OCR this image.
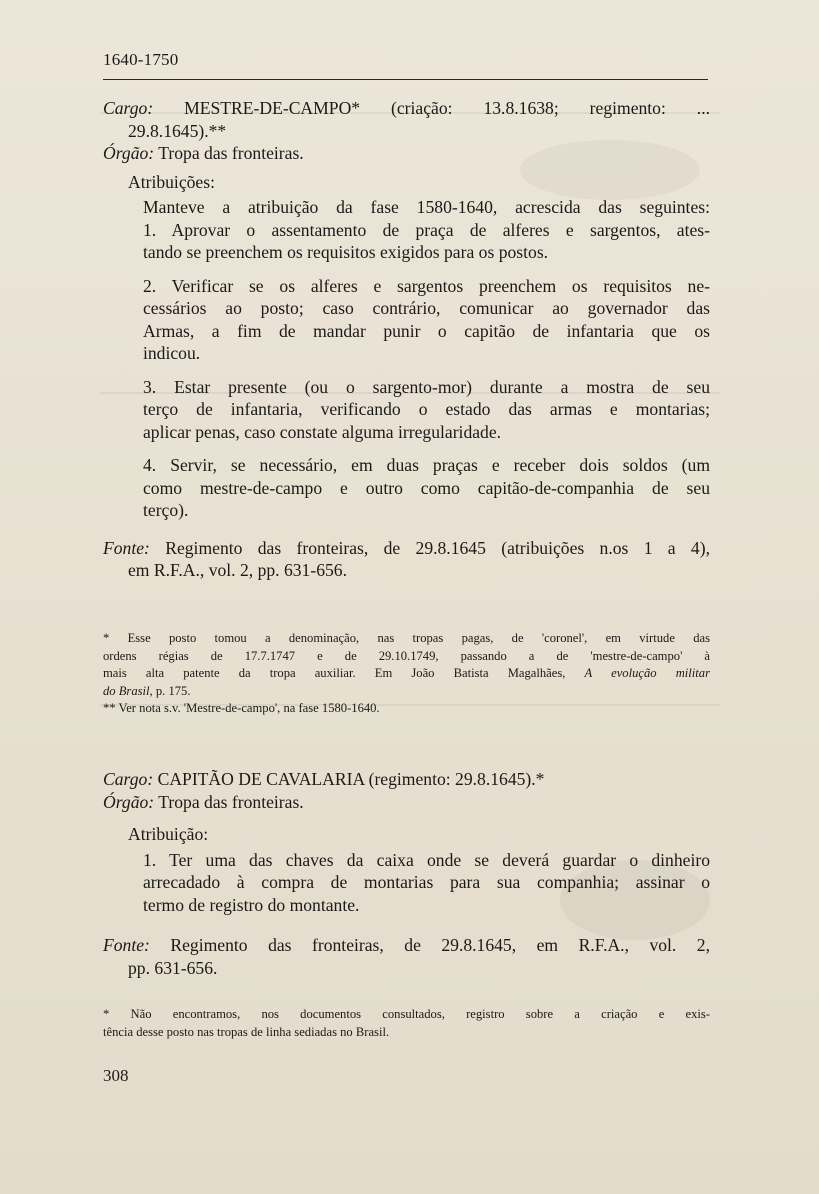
1640-1750
Cargo: MESTRE-DE-CAMPO* (criação: 13.8.1638; regimento: ...
29.8.1645).**
Órgão: Tropa das fronteiras.
Atribuições:
Manteve a atribuição da fase 1580-1640, acrescida das seguintes:
1. Aprovar o assentamento de praça de alferes e sargentos, ates-
tando se preenchem os requisitos exigidos para os postos.
2. Verificar se os alferes e sargentos preenchem os requisitos ne-
cessários ao posto; caso contrário, comunicar ao governador das
Armas, a fim de mandar punir o capitão de infantaria que os
indicou.
3. Estar presente (ou o sargento-mor) durante a mostra de seu
terço de infantaria, verificando o estado das armas e montarias;
aplicar penas, caso constate alguma irregularidade.
4. Servir, se necessário, em duas praças e receber dois soldos (um
como mestre-de-campo e outro como capitão-de-companhia de seu
terço).
Fonte: Regimento das fronteiras, de 29.8.1645 (atribuições n.os 1 a 4),
em R.F.A., vol. 2, pp. 631-656.
* Esse posto tomou a denominação, nas tropas pagas, de 'coronel', em virtude das
ordens régias de 17.7.1747 e de 29.10.1749, passando a de 'mestre-de-campo' à
mais alta patente da tropa auxiliar. Em João Batista Magalhães, A evolução militar
do Brasil, p. 175.
** Ver nota s.v. 'Mestre-de-campo', na fase 1580-1640.
Cargo: CAPITÃO DE CAVALARIA (regimento: 29.8.1645).*
Órgão: Tropa das fronteiras.
Atribuição:
1. Ter uma das chaves da caixa onde se deverá guardar o dinheiro
arrecadado à compra de montarias para sua companhia; assinar o
termo de registro do montante.
Fonte: Regimento das fronteiras, de 29.8.1645, em R.F.A., vol. 2,
pp. 631-656.
* Não encontramos, nos documentos consultados, registro sobre a criação e exis-
tência desse posto nas tropas de linha sediadas no Brasil.
308
